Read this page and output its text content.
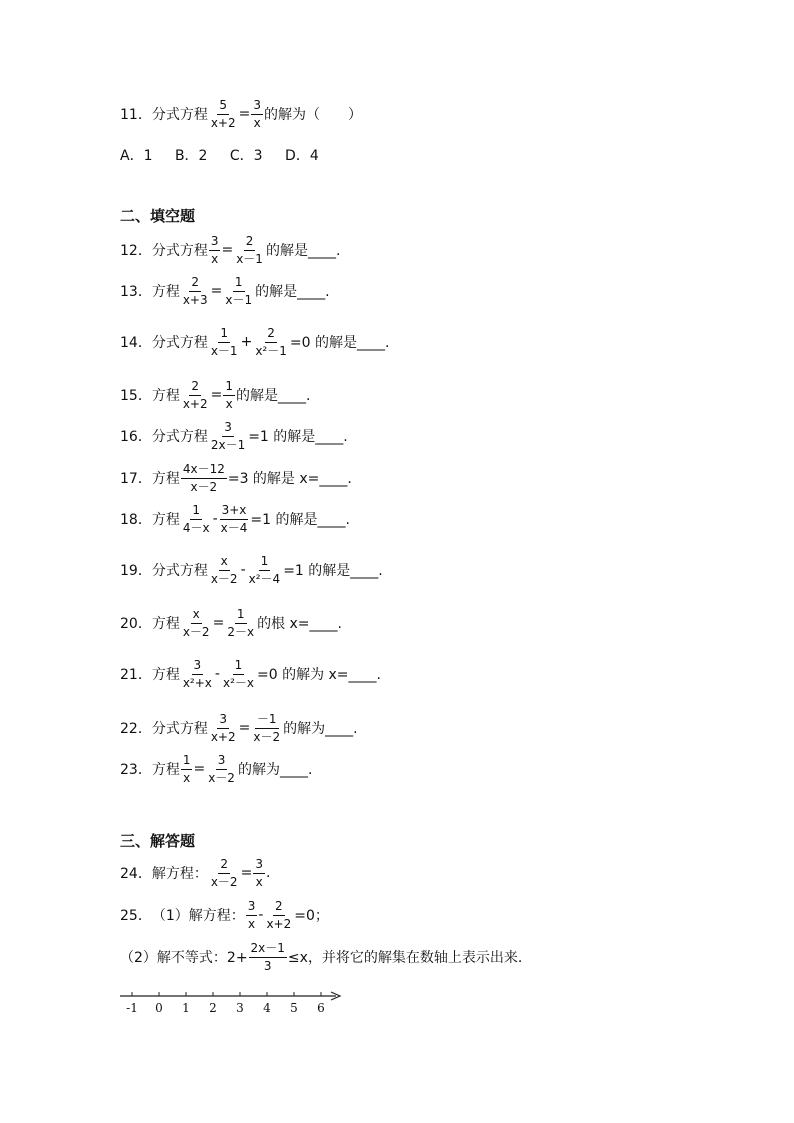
11． 分式方程 $\frac{5}{x+2} = \frac{3}{x}$ 的解为（　　）
A．1 B．2 C．3 D．4
二、填空题
12． 分式方程 $\frac{3}{x} = \frac{2}{x-1}$ 的解是____.
13． 方程 $\frac{2}{x+3} = \frac{1}{x-1}$ 的解是____.
14． 分式方程 $\frac{1}{x-1} + \frac{2}{\text{x²－1}} =0$ 的解是____.
15． 方程 $\frac{2}{x+2} = \frac{1}{x}$ 的解是____.
16． 分式方程 $\frac{3}{2x-1} =1$ 的解是____.
17． 方程 $\frac{4x-12}{x-2} =3$ 的解是 x=____.
18． 方程 $\frac{1}{4-x} - \frac{3+x}{x-4} =1$ 的解是____.
19． 分式方程 $\frac{x}{x-2} - \frac{1}{\text{x²－4}} =1$ 的解是____.
20． 方程 $\frac{x}{x-2} = \frac{1}{2-x}$ 的根 x=____.
21． 方程 $\frac{3}{\text{x²+x}} - \frac{1}{\text{x²－x}} =0$ 的解为 x=____.
22． 分式方程 $\frac{3}{x+2} = \frac{-1}{x-2}$ 的解为____.
23． 方程 $\frac{1}{x} = \frac{3}{x-2}$ 的解为____.
三、解答题
24． 解方程： $\frac{2}{x-2} = \frac{3}{x}$ .
25． （1）解方程： $\frac{3}{x} - \frac{2}{x+2} =0$；
（2）解不等式：$2+ \frac{2x-1}{3} \le x$，并将它的解集在数轴上表示出来.
-1 0 1 2 3 4 5 6
